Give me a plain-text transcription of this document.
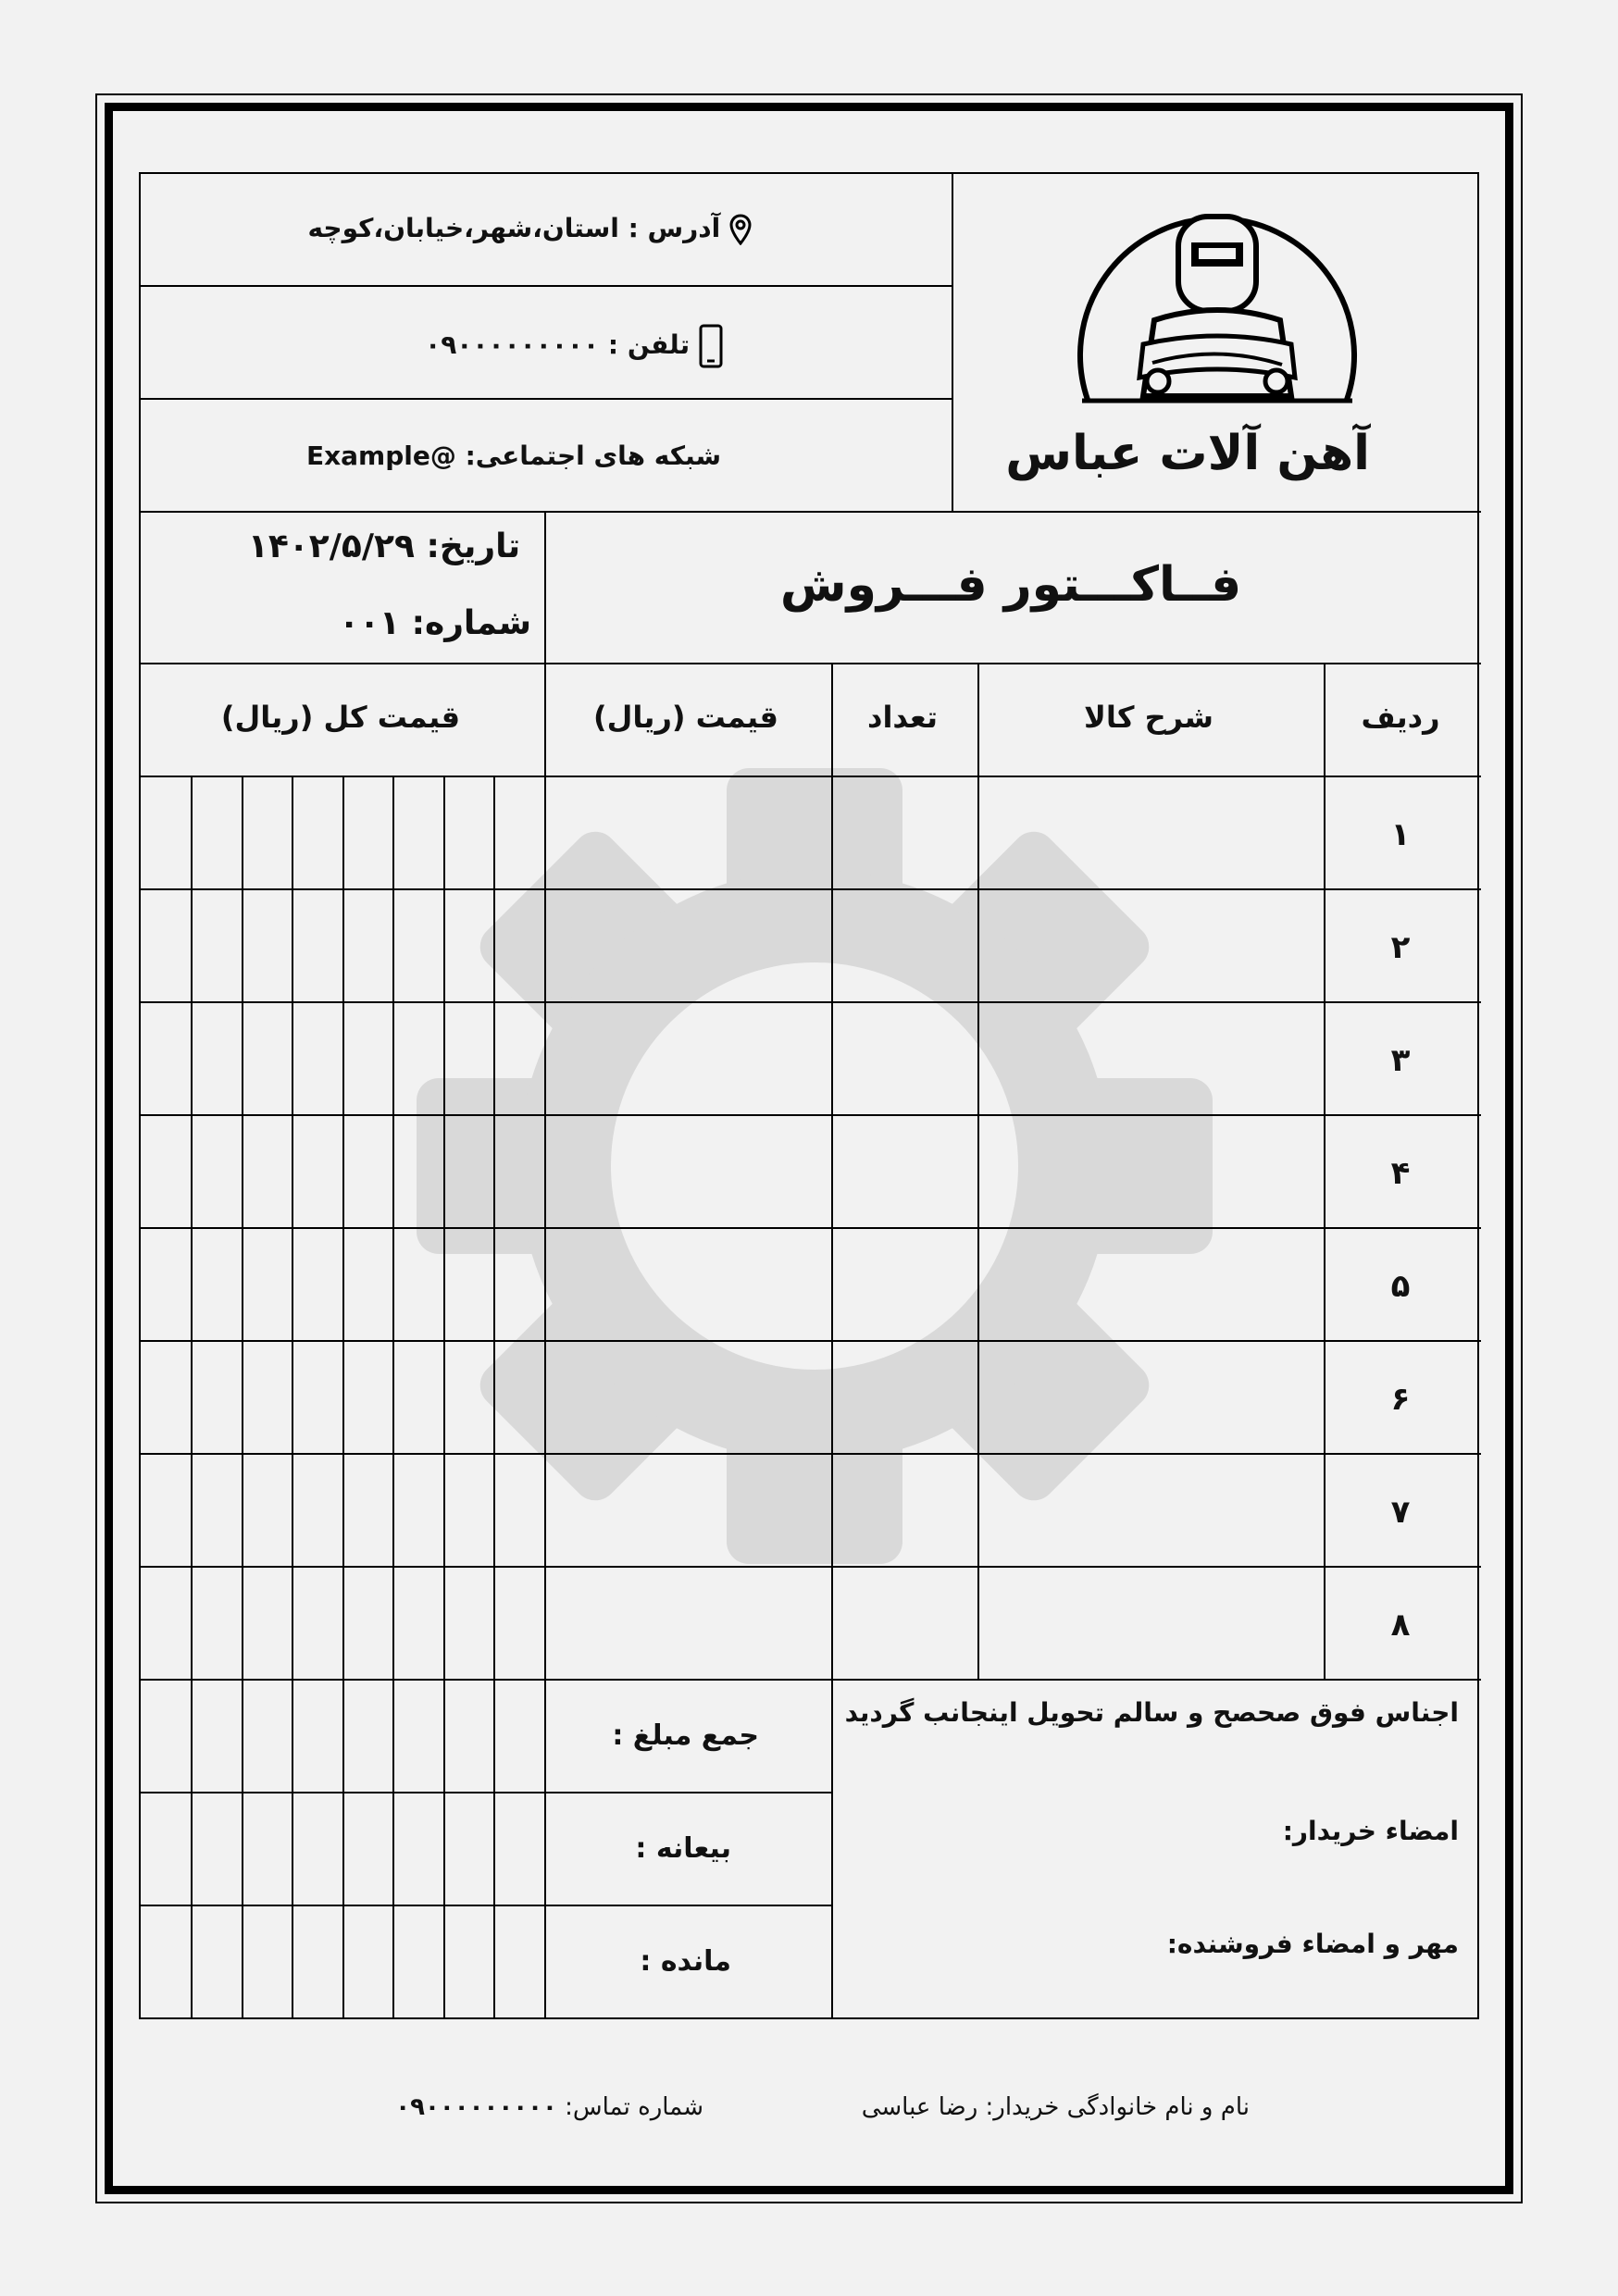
آهن آلات عباس
آدرس : استان،شهر،خیابان،کوچه
تلفن : ۰۹۰۰۰۰۰۰۰۰۰
شبکه های اجتماعی: @Example
فــاکـــتور فـــروش
تاریخ: ۱۴۰۲/۵/۲۹
شماره: ۰۰۱
ردیف
شرح کالا
تعداد
قیمت (ریال)
قیمت کل (ریال)
۱
۲
۳
۴
۵
۶
۷
۸
جمع مبلغ :
بیعانه :
مانده :
اجناس فوق صحصح و سالم تحویل اینجانب گردید
امضاء خریدار:
مهر و امضاء فروشنده:
نام و نام خانوادگی خریدار: رضا عباسی
شماره تماس: ۰۹۰۰۰۰۰۰۰۰۰
